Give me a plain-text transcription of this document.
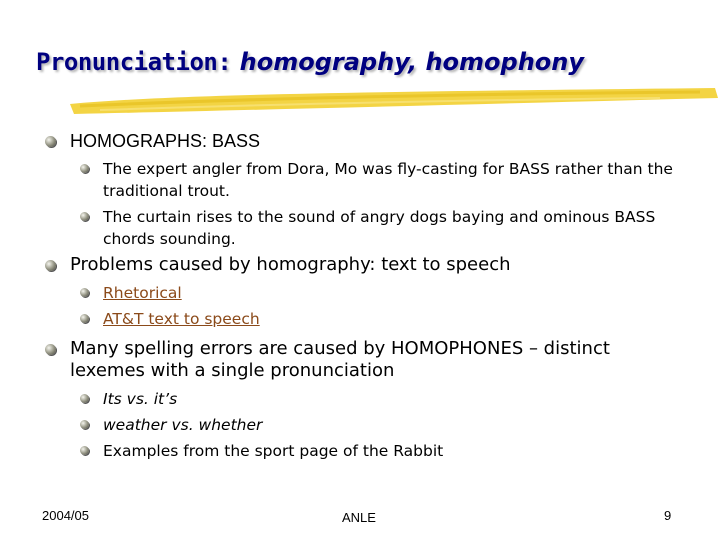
Pronunciation: homography, homophony
HOMOGRAPHS: BASS
The expert angler from Dora, Mo was fly-casting for BASS rather than the traditional trout.
The curtain rises to the sound of angry dogs baying and ominous BASS chords sounding.
Problems caused by homography: text to speech
Rhetorical
AT&T text to speech
Many spelling errors are caused by HOMOPHONES – distinct lexemes with a single pronunciation
Its vs. it’s
weather vs. whether
Examples from the sport page of the Rabbit
2004/05	ANLE	9
